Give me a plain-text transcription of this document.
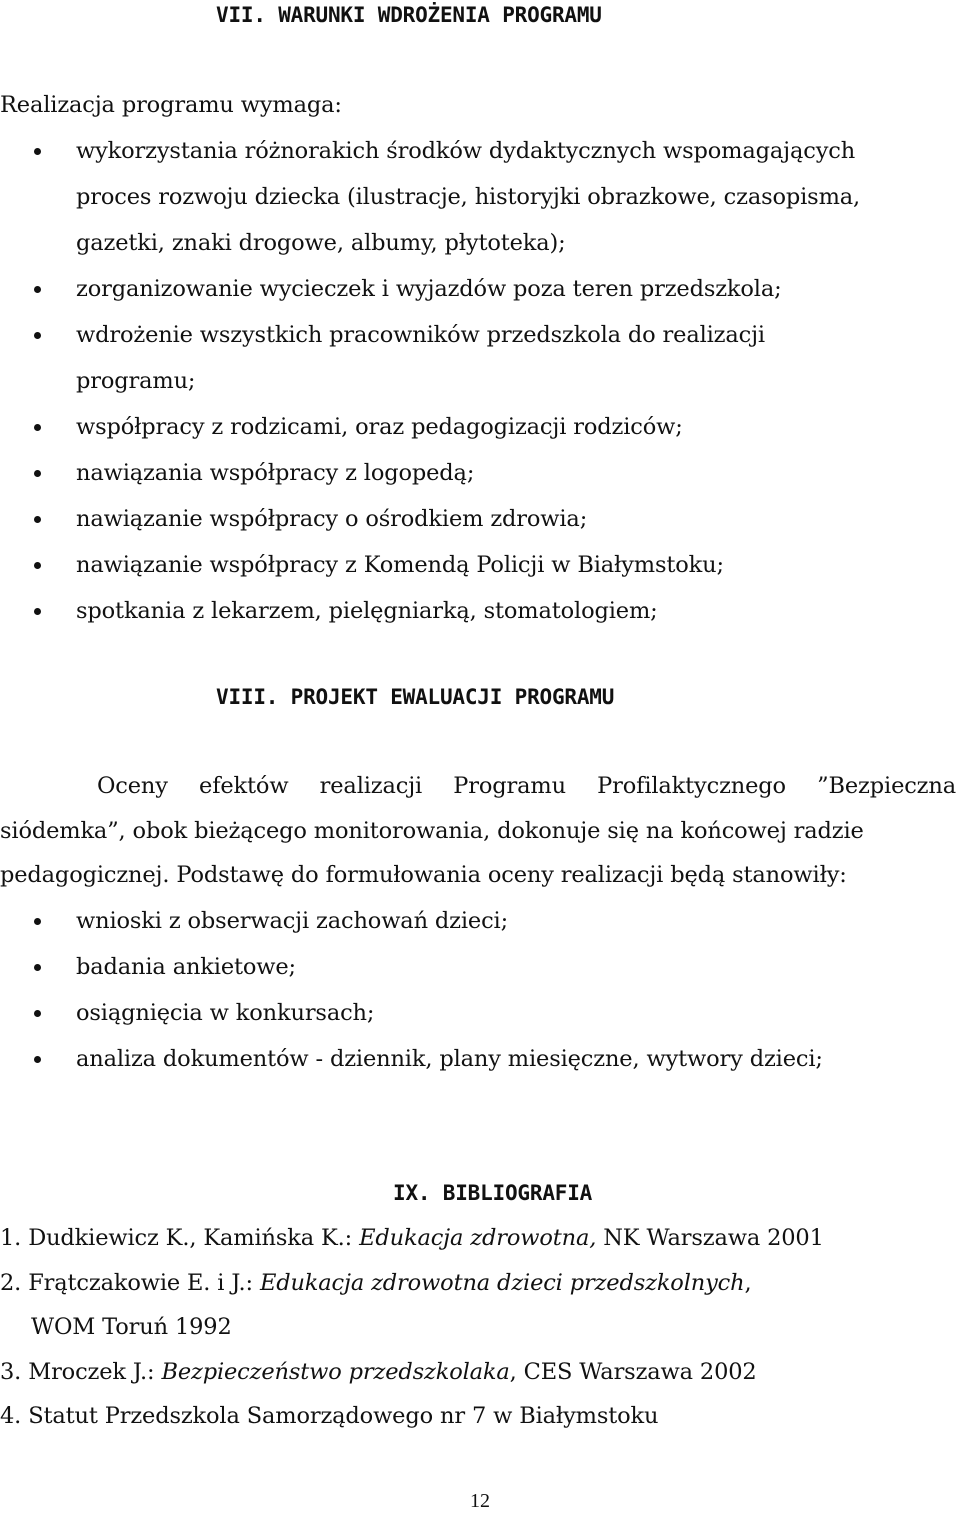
VII. WARUNKI WDROŻENIA PROGRAMU
Realizacja programu wymaga:
wykorzystania różnorakich środków dydaktycznych wspomagających
proces rozwoju dziecka (ilustracje, historyjki obrazkowe, czasopisma,
gazetki, znaki drogowe, albumy, płytoteka);
zorganizowanie wycieczek i wyjazdów poza teren przedszkola;
wdrożenie wszystkich pracowników przedszkola do realizacji
programu;
współpracy z rodzicami, oraz pedagogizacji rodziców;
nawiązania współpracy z logopedą;
nawiązanie współpracy o ośrodkiem zdrowia;
nawiązanie współpracy z Komendą Policji w Białymstoku;
spotkania z lekarzem, pielęgniarką, stomatologiem;
VIII. PROJEKT EWALUACJI PROGRAMU
Oceny efektów realizacji Programu Profilaktycznego ”Bezpieczna
siódemka”, obok bieżącego monitorowania, dokonuje się na końcowej radzie
pedagogicznej. Podstawę do formułowania oceny realizacji będą stanowiły:
wnioski z obserwacji zachowań dzieci;
badania ankietowe;
osiągnięcia w konkursach;
analiza dokumentów - dziennik, plany miesięczne, wytwory dzieci;
IX. BIBLIOGRAFIA
1. Dudkiewicz K., Kamińska K.: Edukacja zdrowotna, NK Warszawa 2001
2. Frątczakowie E. i J.: Edukacja zdrowotna dzieci przedszkolnych,
WOM Toruń 1992
3. Mroczek J.: Bezpieczeństwo przedszkolaka, CES Warszawa 2002
4. Statut Przedszkola Samorządowego nr 7 w Białymstoku
12
